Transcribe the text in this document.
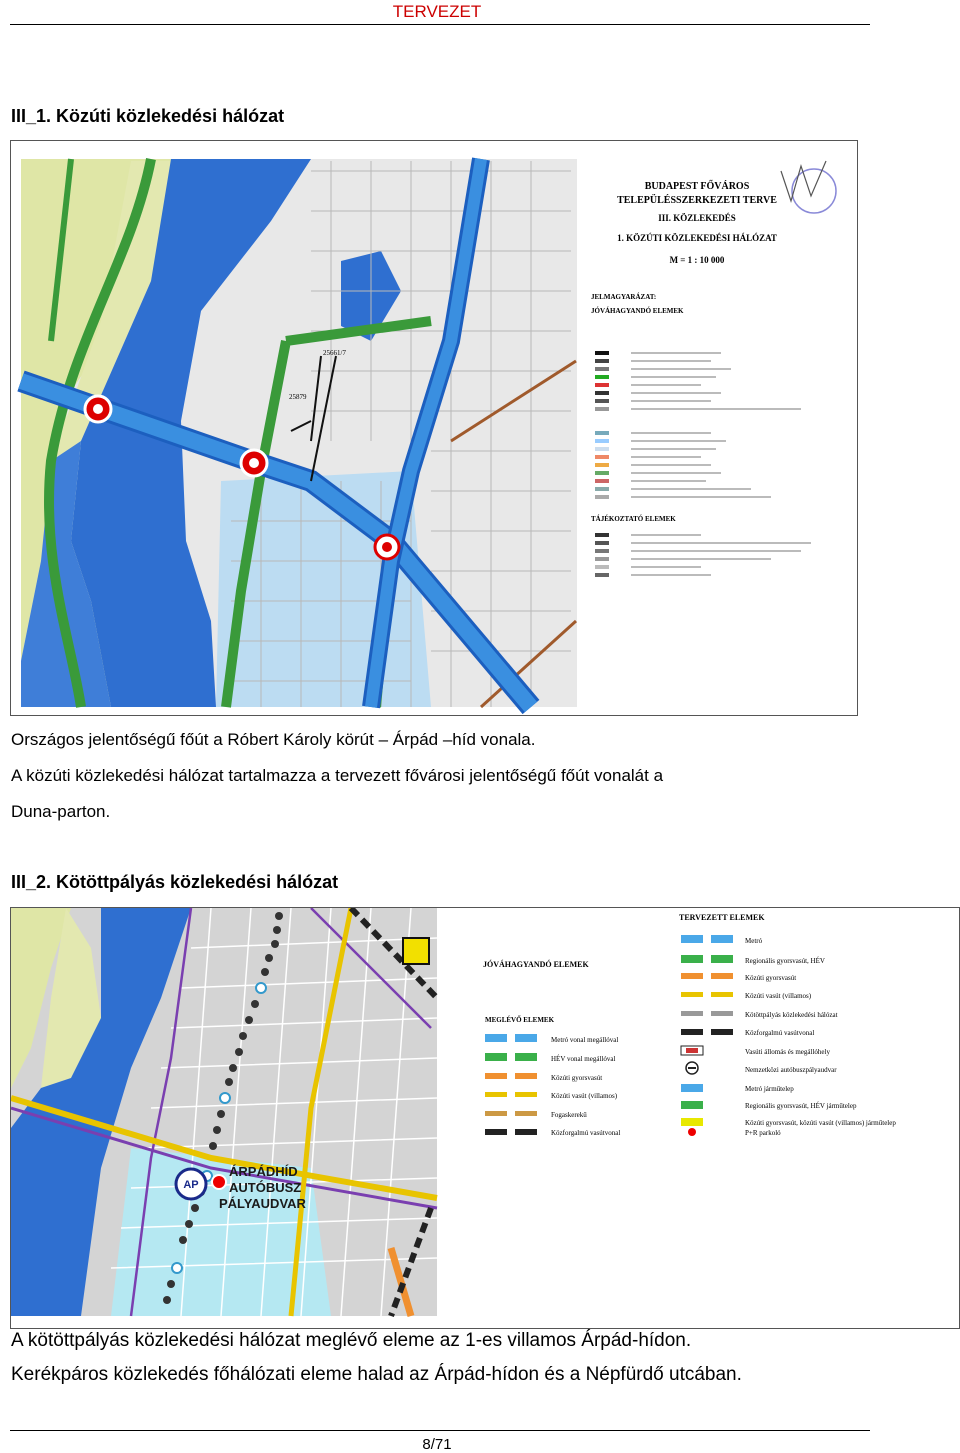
TERVEZET
III_1. Közúti közlekedési hálózat
25661/7
25879
BUDAPEST FŐVÁROS
TELEPÜLÉSSZERKEZETI TERVE
III. KÖZLEKEDÉS
1. KÖZÚTI KÖZLEKEDÉSI HÁLÓZAT
M = 1 : 10 000
JELMAGYARÁZAT:
JÓVÁHAGYANDÓ ELEMEK
TÁJÉKOZTATÓ ELEMEK
Országos jelentőségű főút a Róbert Károly körút – Árpád –híd vonala.
A közúti közlekedési hálózat tartalmazza a tervezett fővárosi jelentőségű főút vonalát a
Duna-parton.
III_2. Kötöttpályás közlekedési hálózat
AP
ÁRPÁDHÍD
AUTÓBUSZ
PÁLYAUDVAR
TERVEZETT ELEMEK
JÓVÁHAGYANDÓ ELEMEK
MEGLÉVŐ ELEMEK
Metró
Regionális gyorsvasút, HÉV
Közúti gyorsvasút
Közúti vasút (villamos)
Kötöttpályás közlekedési hálózat
Közforgalmú vasútvonal
Vasúti állomás és megállóhely
Nemzetközi autóbuszpályaudvar
Metró járműtelep
Regionális gyorsvasút, HÉV járműtelep
Közúti gyorsvasút, közúti vasút (villamos) járműtelep
P+R parkoló
Metró vonal megállóval
HÉV vonal megállóval
Közúti gyorsvasút
Közúti vasút (villamos)
Fogaskerekű
Közforgalmú vasútvonal
A kötöttpályás közlekedési hálózat meglévő eleme az 1-es villamos Árpád-hídon.
Kerékpáros közlekedés főhálózati eleme halad az Árpád-hídon és a Népfürdő utcában.
8/71
